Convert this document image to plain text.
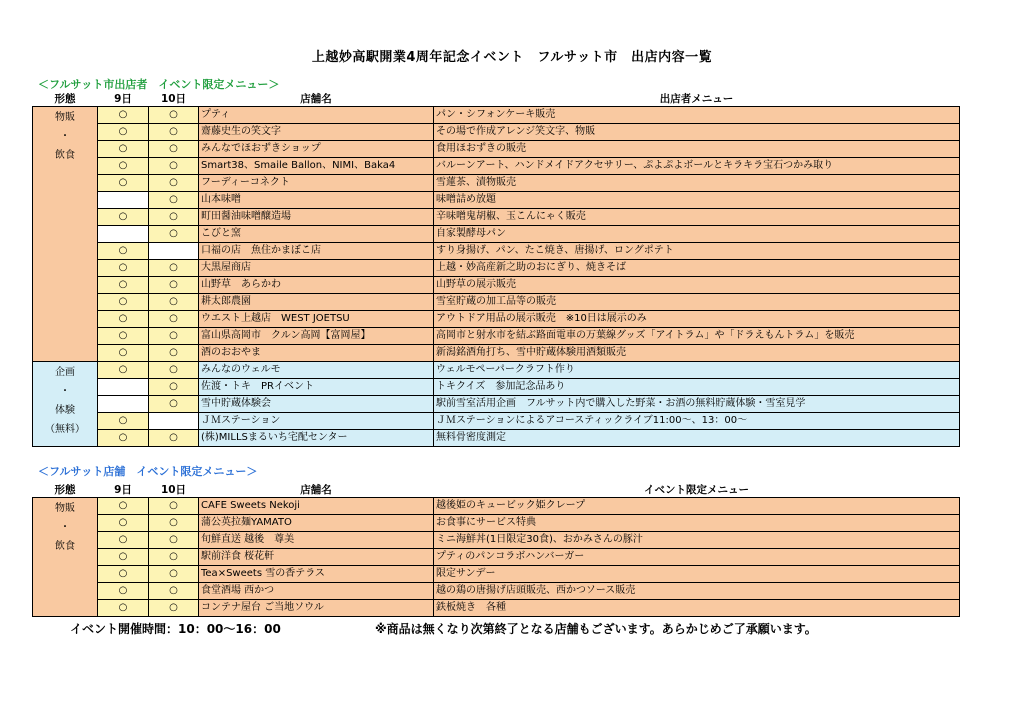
上越妙高駅開業4周年記念イベント　フルサット市　出店内容一覧
＜フルサット市出店者　イベント限定メニュー＞
形態	9日	10日	店舗名	出店者メニュー

物販
・
飲食	○	○	プティ	パン・シフォンケーキ販売
	○	○	齋藤史生の笑文字	その場で作成アレンジ笑文字、物販
	○	○	みんなでほおずきショップ	食用ほおずきの販売
	○	○	Smart38、Smaile Ballon、NIMI、Baka4	バルーンアート、ハンドメイドアクセサリー、ぷよぷよボールとキラキラ宝石つかみ取り
	○	○	フーディーコネクト	雪蓮茶、漬物販売
		○	山本味噌	味噌詰め放題
	○	○	町田醤油味噌醸造場	辛味噌鬼胡椒、玉こんにゃく販売
		○	こびと窯	自家製酵母パン
	○		口福の店　魚住かまぼこ店	すり身揚げ、パン、たこ焼き、唐揚げ、ロングポテト
	○	○	大黒屋商店	上越・妙高産新之助のおにぎり、焼きそば
	○	○	山野草　あらかわ	山野草の展示販売
	○	○	耕太郎農園	雪室貯蔵の加工品等の販売
	○	○	ウエスト上越店　WEST JOETSU	アウトドア用品の展示販売　※10日は展示のみ
	○	○	富山県高岡市　クルン高岡【富岡屋】	高岡市と射水市を結ぶ路面電車の万葉線グッズ「アイトラム」や「ドラえもんトラム」を販売
	○	○	酒のおおやま	新潟銘酒角打ち、雪中貯蔵体験用酒類販売

企画
・
体験
（無料）	○	○	みんなのウェルモ	ウェルモペーパークラフト作り
		○	佐渡・トキ　PRイベント	トキクイズ　参加記念品あり
		○	雪中貯蔵体験会	駅前雪室活用企画　フルサット内で購入した野菜・お酒の無料貯蔵体験・雪室見学
	○		ＪＭステーション	ＪＭステーションによるアコースティックライブ11:00～、13：00～
	○	○	(株)MILLSまるいち宅配センター	無料骨密度測定
＜フルサット店舗　イベント限定メニュー＞
形態	9日	10日	店舗名	イベント限定メニュー

物販
・
飲食	○	○	CAFE Sweets Nekoji	越後姫のキュービック姫クレープ
	○	○	蒲公英拉麺YAMATO	お食事にサービス特典
	○	○	旬鮮直送 越後　尊美	ミニ海鮮丼(1日限定30食)、おかみさんの豚汁
	○	○	駅前洋食 桜花軒	プティのパンコラボハンバーガー
	○	○	Tea×Sweets 雪の香テラス	限定サンデー
	○	○	食堂酒場 西かつ	越の鶏の唐揚げ店頭販売、西かつソース販売
	○	○	コンテナ屋台 ご当地ソウル	鉄板焼き　各種
イベント開催時間：10：00～16：00	※商品は無くなり次第終了となる店舗もございます。あらかじめご了承願います。
